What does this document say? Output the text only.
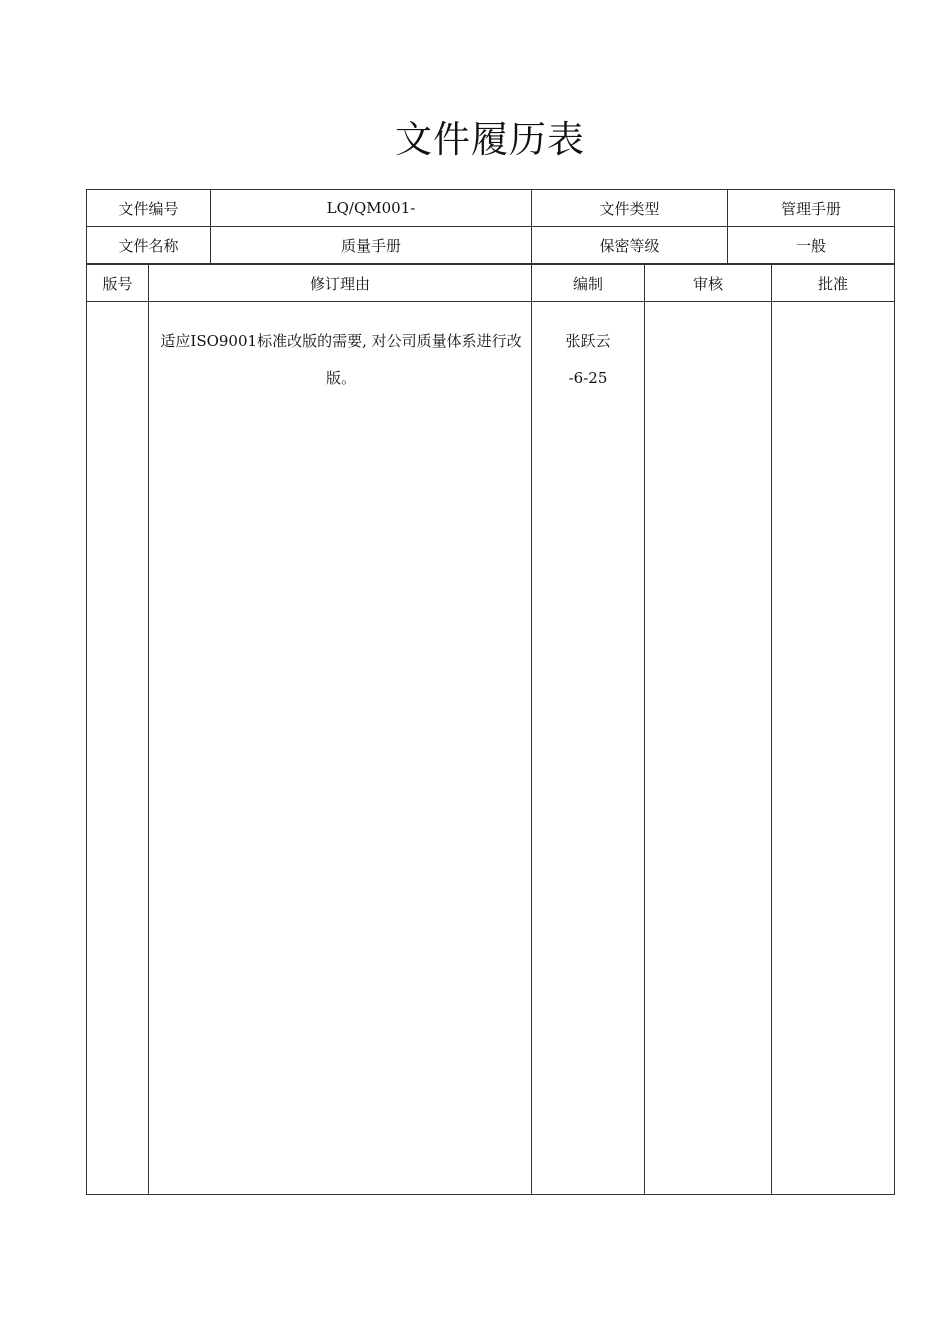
文件履历表
文件编号	LQ/QM001-	文件类型	管理手册
文件名称	质量手册	保密等级	一般
版号	修订理由	编制	审核	批准

	适应ISO9001标准改版的需要, 对公司质量体系进行改版。	张跃云
-6-25		
